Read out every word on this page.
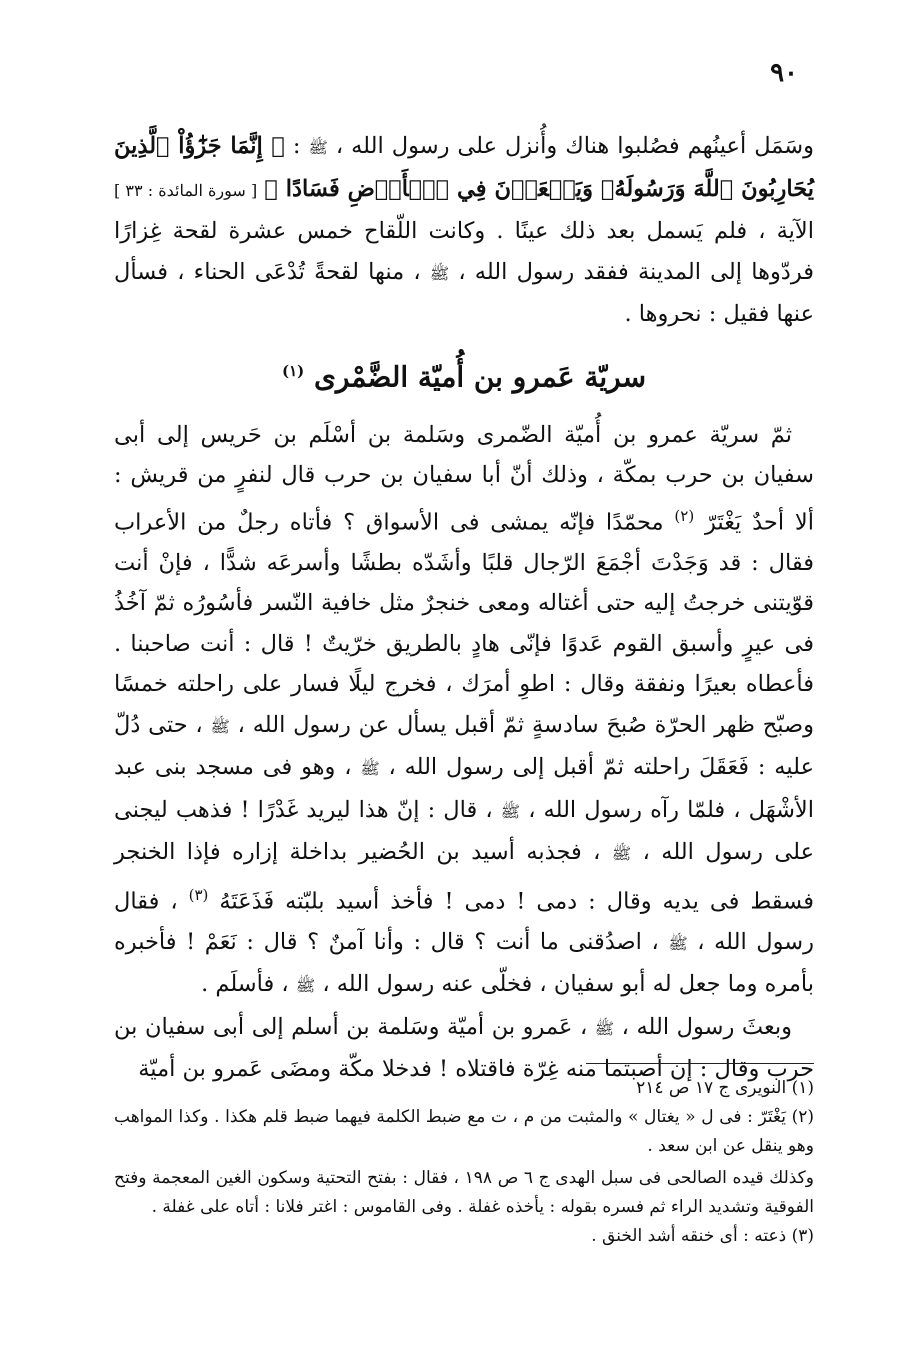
٩٠

وسَمَل أعينُهم فصُلبوا هناك وأُنزل على رسول الله ، ﷺ : ﴿ إِنَّمَا جَزَٰٓؤُاْ ٱلَّذِينَ يُحَارِبُونَ ٱللَّهَ وَرَسُولَهُۥ وَيَسۡعَوۡنَ فِي ٱلۡأَرۡضِ فَسَادًا ﴾ [ سورة المائدة : ٣٣ ] الآية ، فلم يَسمل بعد ذلك عينًا . وكانت اللّقاح خمس عشرة لقحة غِزارًا فردّوها إلى المدينة ففقد رسول الله ، ﷺ ، منها لقحةً تُدْعَى الحناء ، فسأل عنها فقيل : نحروها .

سريّة عَمرو بن أُميّة الضَّمْرى $^{(١)}$

ثمّ سريّة عمرو بن أُميّة الضّمرى وسَلمة بن أسْلَم بن حَريس إلى أبى سفيان بن حرب بمكّة ، وذلك أنّ أبا سفيان بن حرب قال لنفرٍ من قريش : ألا أحدٌ يَغْتَرّ $^{(٢)}$ محمّدًا فإنّه يمشى فى الأسواق ؟ فأتاه رجلٌ من الأعراب فقال : قد وَجَدْتَ أجْمَعَ الرّجال قلبًا وأشَدّه بطشًا وأسرعَه شدًّا ، فإنْ أنت قوّيتنى خرجتُ إليه حتى أغتاله ومعى خنجرٌ مثل خافية النّسر فأسُورُه ثمّ آخُذُ فى عيرٍ وأسبق القوم عَدوًا فإنّى هادٍ بالطريق خرّيتٌ ! قال : أنت صاحبنا . فأعطاه بعيرًا ونفقة وقال : اطوِ أمرَك ، فخرج ليلًا فسار على راحلته خمسًا وصبّح ظهر الحرّة صُبحَ سادسةٍ ثمّ أقبل يسأل عن رسول الله ، ﷺ ، حتى دُلّ عليه : فَعَقَلَ راحلته ثمّ أقبل إلى رسول الله ، ﷺ ، وهو فى مسجد بنى عبد الأشْهَل ، فلمّا رآه رسول الله ، ﷺ ، قال : إنّ هذا ليريد غَدْرًا ! فذهب ليجنى على رسول الله ، ﷺ ، فجذبه أسيد بن الحُضير بداخلة إزاره فإذا الخنجر فسقط فى يديه وقال : دمى ! دمى ! فأخذ أسيد بلبّته فَذَعَتَهُ $^{(٣)}$ ، فقال رسول الله ، ﷺ ، اصدُقنى ما أنت ؟ قال : وأنا آمنٌ ؟ قال : نَعَمْ ! فأخبره بأمره وما جعل له أبو سفيان ، فخلّى عنه رسول الله ، ﷺ ، فأسلَم .

وبعثَ رسول الله ، ﷺ ، عَمرو بن أميّة وسَلمة بن أسلم إلى أبى سفيان بن حرب وقال : إن أصبتما منه غِرّة فاقتلاه ! فدخلا مكّة ومضَى عَمرو بن أميّة

(١) النويرى ج ١٧ ص ٢١٤

(٢) يَغْتَرّ : فى ل « يغتال » والمثبت من م ، ت مع ضبط الكلمة فيهما ضبط قلم هكذا . وكذا المواهب وهو ينقل عن ابن سعد .

وكذلك قيده الصالحى فى سبل الهدى ج ٦ ص ١٩٨ ، فقال : بفتح التحتية وسكون الغين المعجمة وفتح الفوقية وتشديد الراء ثم فسره بقوله : يأخذه غفلة . وفى القاموس : اغتر فلانا : أتاه على غفلة .

(٣) ذعته : أى خنقه أشد الخنق .
